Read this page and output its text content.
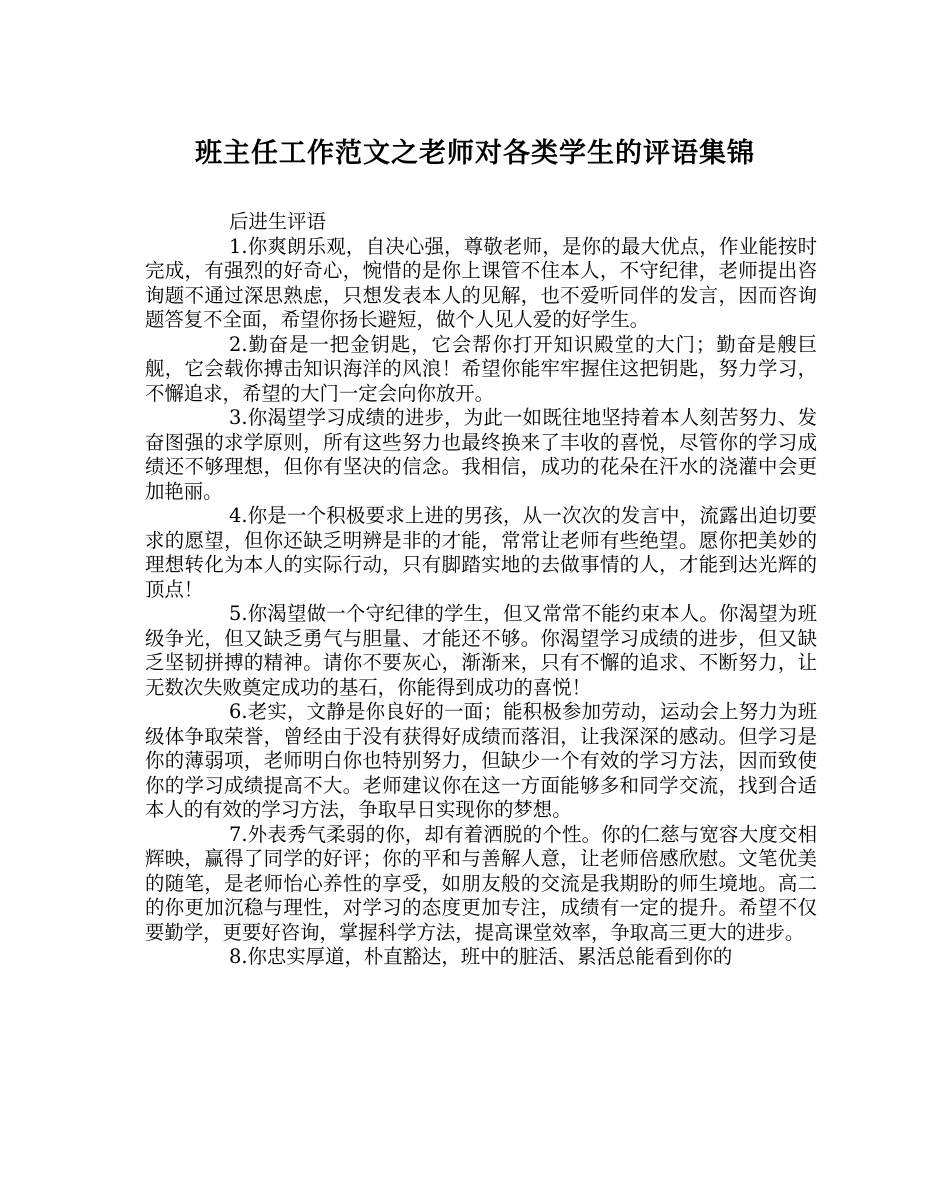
班主任工作范文之老师对各类学生的评语集锦

后进生评语

1.你爽朗乐观，自决心强，尊敬老师，是你的最大优点，作业能按时完成，有强烈的好奇心，惋惜的是你上课管不住本人，不守纪律，老师提出咨询题不通过深思熟虑，只想发表本人的见解，也不爱听同伴的发言，因而咨询题答复不全面，希望你扬长避短，做个人见人爱的好学生。

2.勤奋是一把金钥匙，它会帮你打开知识殿堂的大门；勤奋是艘巨舰，它会载你搏击知识海洋的风浪！希望你能牢牢握住这把钥匙，努力学习，不懈追求，希望的大门一定会向你放开。

3.你渴望学习成绩的进步，为此一如既往地坚持着本人刻苦努力、发奋图强的求学原则，所有这些努力也最终换来了丰收的喜悦，尽管你的学习成绩还不够理想，但你有坚决的信念。我相信，成功的花朵在汗水的浇灌中会更加艳丽。

4.你是一个积极要求上进的男孩，从一次次的发言中，流露出迫切要求的愿望，但你还缺乏明辨是非的才能，常常让老师有些绝望。愿你把美妙的理想转化为本人的实际行动，只有脚踏实地的去做事情的人，才能到达光辉的顶点！

5.你渴望做一个守纪律的学生，但又常常不能约束本人。你渴望为班级争光，但又缺乏勇气与胆量、才能还不够。你渴望学习成绩的进步，但又缺乏坚韧拼搏的精神。请你不要灰心，渐渐来，只有不懈的追求、不断努力，让无数次失败奠定成功的基石，你能得到成功的喜悦！

6.老实，文静是你良好的一面；能积极参加劳动，运动会上努力为班级体争取荣誉，曾经由于没有获得好成绩而落泪，让我深深的感动。但学习是你的薄弱项，老师明白你也特别努力，但缺少一个有效的学习方法，因而致使你的学习成绩提高不大。老师建议你在这一方面能够多和同学交流，找到合适本人的有效的学习方法，争取早日实现你的梦想。

7.外表秀气柔弱的你，却有着洒脱的个性。你的仁慈与宽容大度交相辉映，赢得了同学的好评；你的平和与善解人意，让老师倍感欣慰。文笔优美的随笔，是老师怡心养性的享受，如朋友般的交流是我期盼的师生境地。高二的你更加沉稳与理性，对学习的态度更加专注，成绩有一定的提升。希望不仅要勤学，更要好咨询，掌握科学方法，提高课堂效率，争取高三更大的进步。

8.你忠实厚道，朴直豁达，班中的脏活、累活总能看到你的
